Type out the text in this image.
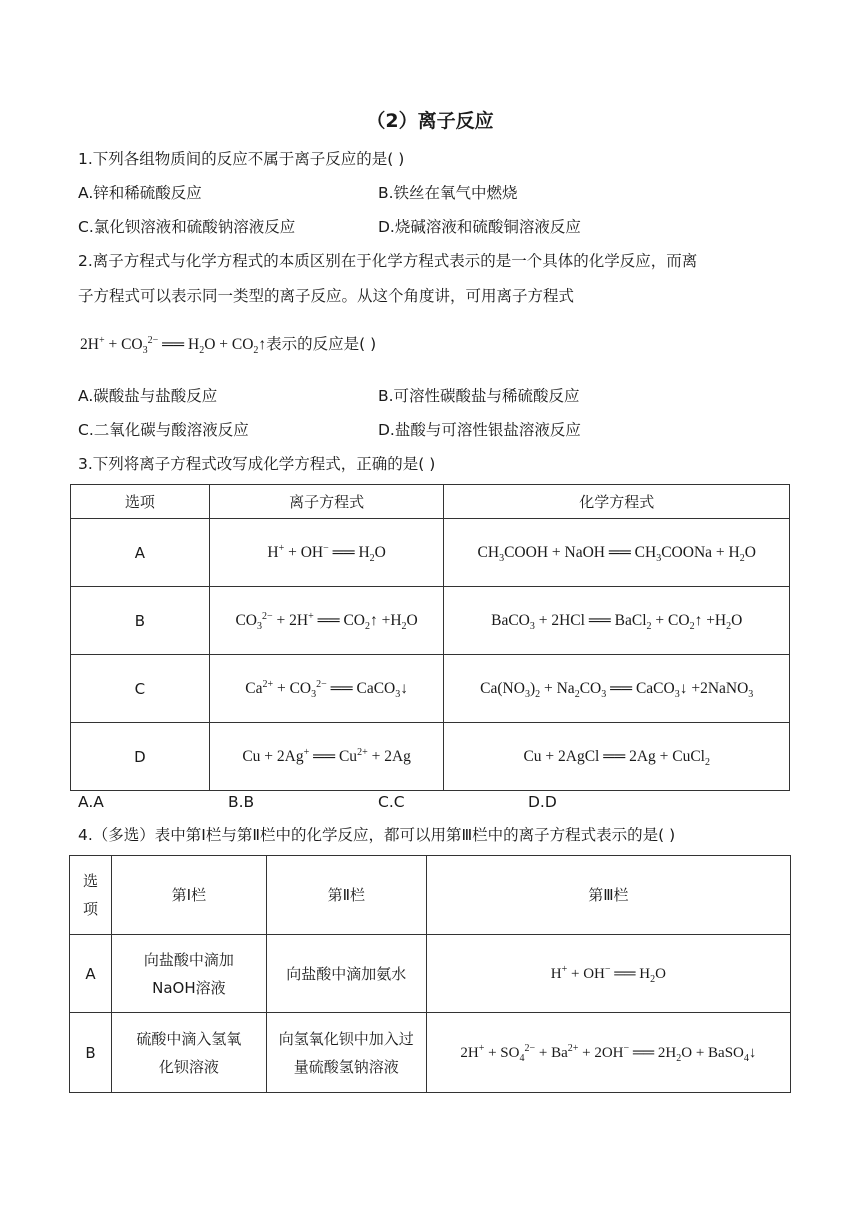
（2）离子反应
1.下列各组物质间的反应不属于离子反应的是( )
A.锌和稀硫酸反应	B.铁丝在氧气中燃烧
C.氯化钡溶液和硫酸钠溶液反应	D.烧碱溶液和硫酸铜溶液反应
2.离子方程式与化学方程式的本质区别在于化学方程式表示的是一个具体的化学反应，而离
子方程式可以表示同一类型的离子反应。从这个角度讲，可用离子方程式
$2H^+ + CO_3^{2-}$ ══ $H_2O$ + $CO_2↑$表示的反应是( )
A.碳酸盐与盐酸反应	B.可溶性碳酸盐与稀硫酸反应
C.二氧化碳与酸溶液反应	D.盐酸与可溶性银盐溶液反应
3.下列将离子方程式改写成化学方程式，正确的是( )
选项	离子方程式	化学方程式
A	H+ + OH− ══ $H_2O$	$CH_3COOH$ + NaOH ══ $CH_3COONa + H_2O$
B	$CO_3^{2-} + 2H^+$ ══ $CO_2↑ +H_2O$	BaCO$_3$ + 2HCl ══ BaCl$_2$ + $CO_2↑ +H_2O$
C	$Ca^{2+} + CO_3^{2-}$ ══ CaCO$_3$↓	$Ca(NO_3)_2 + Na_2CO_3$ ══ CaCO$_3$↓ +2NaNO$_3$
D	Cu + 2Ag+ ══ $Cu^{2+} + 2Ag$	Cu + 2AgCl ══ 2Ag + CuCl$_2$
A.A	B.B	C.C	D.D
4.（多选）表中第Ⅰ栏与第Ⅱ栏中的化学反应，都可以用第Ⅲ栏中的离子方程式表示的是( )
选项	第Ⅰ栏	第Ⅱ栏	第Ⅲ栏
A	向盐酸中滴加NaOH溶液	向盐酸中滴加氨水	H+ + OH− ══ $H_2O$
B	硫酸中滴入氢氧化钡溶液	向氢氧化钡中加入过量硫酸氢钠溶液	$2H^+ + SO_4^{2-} + Ba^{2+} + 2OH^-$ ══ $2H_2O$ + BaSO$_4$↓
